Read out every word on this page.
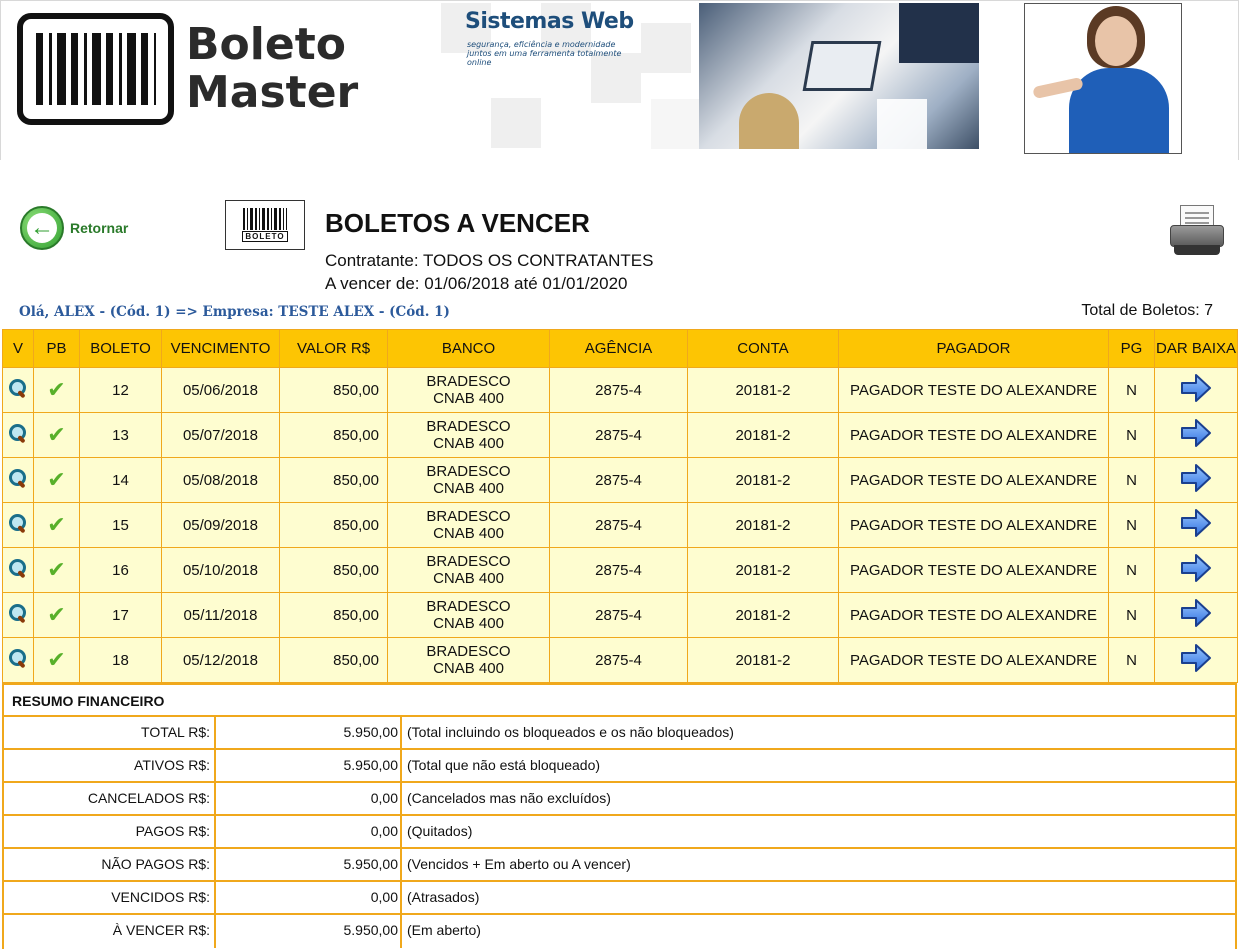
Boleto
Master
Sistemas Web
segurança, eficiência e modernidade juntos em uma ferramenta totalmente online
← Retornar
BOLETO BOLETOS A VENCER
Contratante: TODOS OS CONTRATANTES
A vencer de: 01/06/2018 até 01/01/2020
Olá, ALEX - (Cód. 1) => Empresa: TESTE ALEX - (Cód. 1)	Total de Boletos: 7
V	PB	BOLETO	VENCIMENTO	VALOR R$	BANCO	AGÊNCIA	CONTA	PAGADOR	PG	DAR BAIXA
	✔	12	05/06/2018	850,00	BRADESCO
CNAB 400	2875-4	20181-2	PAGADOR TESTE DO ALEXANDRE	N	
	✔	13	05/07/2018	850,00	BRADESCO
CNAB 400	2875-4	20181-2	PAGADOR TESTE DO ALEXANDRE	N	
	✔	14	05/08/2018	850,00	BRADESCO
CNAB 400	2875-4	20181-2	PAGADOR TESTE DO ALEXANDRE	N	
	✔	15	05/09/2018	850,00	BRADESCO
CNAB 400	2875-4	20181-2	PAGADOR TESTE DO ALEXANDRE	N	
	✔	16	05/10/2018	850,00	BRADESCO
CNAB 400	2875-4	20181-2	PAGADOR TESTE DO ALEXANDRE	N	
	✔	17	05/11/2018	850,00	BRADESCO
CNAB 400	2875-4	20181-2	PAGADOR TESTE DO ALEXANDRE	N	
	✔	18	05/12/2018	850,00	BRADESCO
CNAB 400	2875-4	20181-2	PAGADOR TESTE DO ALEXANDRE	N	
RESUMO FINANCEIRO
TOTAL R$:	5.950,00 (Total incluindo os bloqueados e os não bloqueados)
ATIVOS R$:	5.950,00 (Total que não está bloqueado)
CANCELADOS R$:	0,00 (Cancelados mas não excluídos)
PAGOS R$:	0,00 (Quitados)
NÃO PAGOS R$:	5.950,00 (Vencidos + Em aberto ou A vencer)
VENCIDOS R$:	0,00 (Atrasados)
À VENCER R$:	5.950,00 (Em aberto)
